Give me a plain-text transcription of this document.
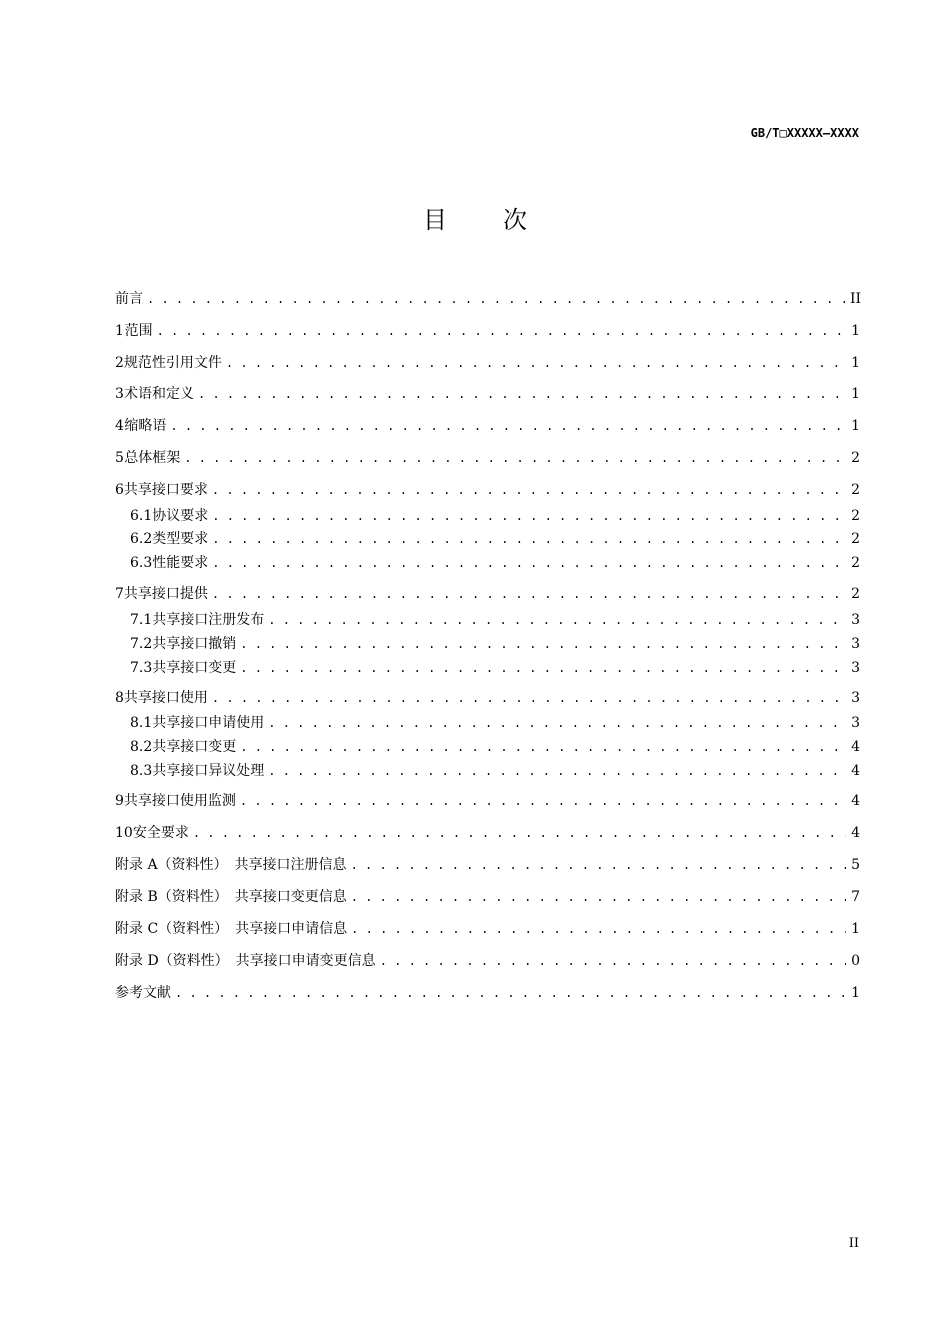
GB/T□XXXXX—XXXX
目次
前言 . . .	II
1 范围 . . .	1
2 规范性引用文件 . . .	1
3 术语和定义 . . .	1
4 缩略语 . . .	1
5 总体框架 . . .	2
6 共享接口要求 . . .	2
6.1 协议要求 . . .	2
6.2 类型要求 . . .	2
6.3 性能要求 . . .	2
7 共享接口提供 . . .	2
7.1 共享接口注册发布 . . .	3
7.2 共享接口撤销 . . .	3
7.3 共享接口变更 . . .	3
8 共享接口使用 . . .	3
8.1 共享接口申请使用 . . .	3
8.2 共享接口变更 . . .	4
8.3 共享接口异议处理 . . .	4
9 共享接口使用监测 . . .	4
10 安全要求 . . .	4
附录 A（资料性）　共享接口注册信息 . . .	5
附录 B（资料性）　共享接口变更信息 . . .	7
附录 C（资料性）　共享接口申请信息 . . .	1
附录 D（资料性）　共享接口申请变更信息 . . .	0
参考文献 . . .	1
II
